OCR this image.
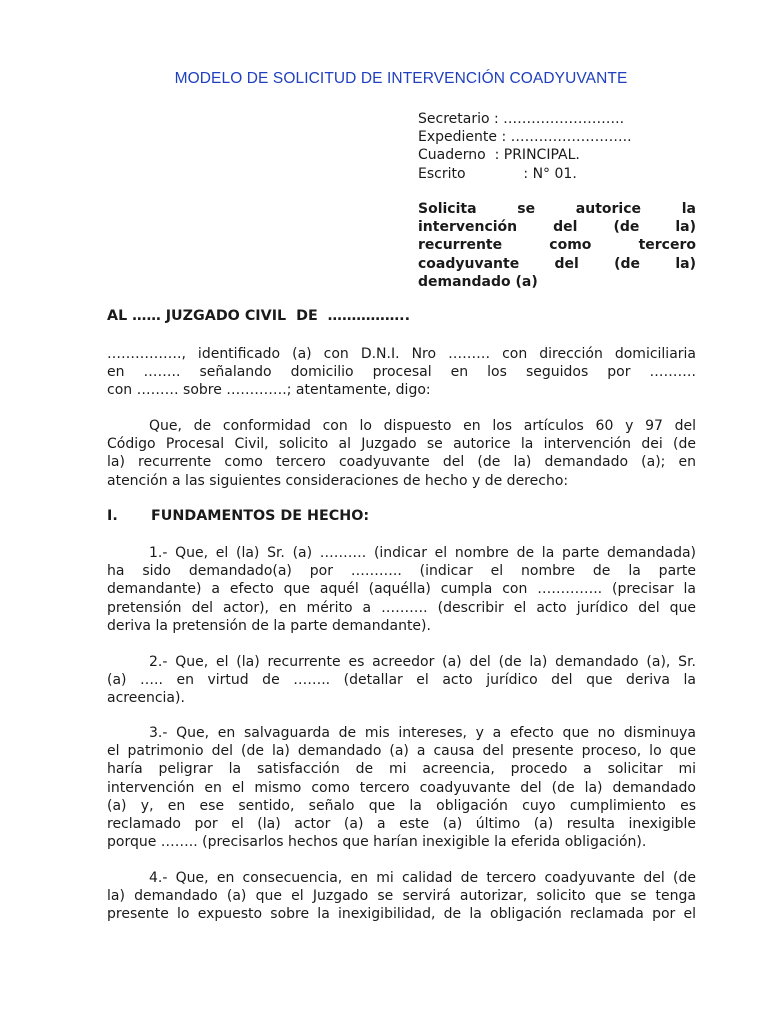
MODELO DE SOLICITUD DE INTERVENCIÓN COADYUVANTE
Secretario : ……………………..
Expediente : ……………………..
Cuaderno  : PRINCIPAL.
Escrito             : N° 01.
Solicita se autorice la
intervención del (de la)
recurrente como tercero
coadyuvante del (de la)
demandado (a)
AL …… JUZGADO CIVIL  DE  ……………..
……………., identificado (a) con D.N.I. Nro ……… con dirección domiciliaria
en …….. señalando domicilio procesal en los seguidos por ……….
con ……… sobre ………….; atentamente, digo:
Que, de conformidad con lo dispuesto en los artículos 60 y 97 del
Código Procesal Civil, solicito al Juzgado se autorice la intervención dei (de
la) recurrente como tercero coadyuvante del (de la) demandado (a); en
atención a las siguientes consideraciones de hecho y de derecho:
I. FUNDAMENTOS DE HECHO:
1.- Que, el (la) Sr. (a) ………. (indicar el nombre de la parte demandada)
ha sido demandado(a) por ……….. (indicar el nombre de la parte
demandante) a efecto que aquél (aquélla) cumpla con ………….. (precisar la
pretensión del actor), en mérito a ………. (describir el acto jurídico del que
deriva la pretensión de la parte demandante).
2.- Que, el (la) recurrente es acreedor (a) del (de la) demandado (a), Sr.
(a) ….. en virtud de …….. (detallar el acto jurídico del que deriva la
acreencia).
3.- Que, en salvaguarda de mis intereses, y a efecto que no disminuya
el patrimonio del (de la) demandado (a) a causa del presente proceso, lo que
haría peligrar la satisfacción de mi acreencia, procedo a solicitar mi
intervención en el mismo como tercero coadyuvante del (de la) demandado
(a) y, en ese sentido, señalo que la obligación cuyo cumplimiento es
reclamado por el (la) actor (a) a este (a) último (a) resulta inexigible
porque …….. (precisarlos hechos que harían inexigible la eferida obligación).
4.- Que, en consecuencia, en mi calidad de tercero coadyuvante del (de
la) demandado (a) que el Juzgado se servirá autorizar, solicito que se tenga
presente lo expuesto sobre la inexigibilidad, de la obligación reclamada por el
